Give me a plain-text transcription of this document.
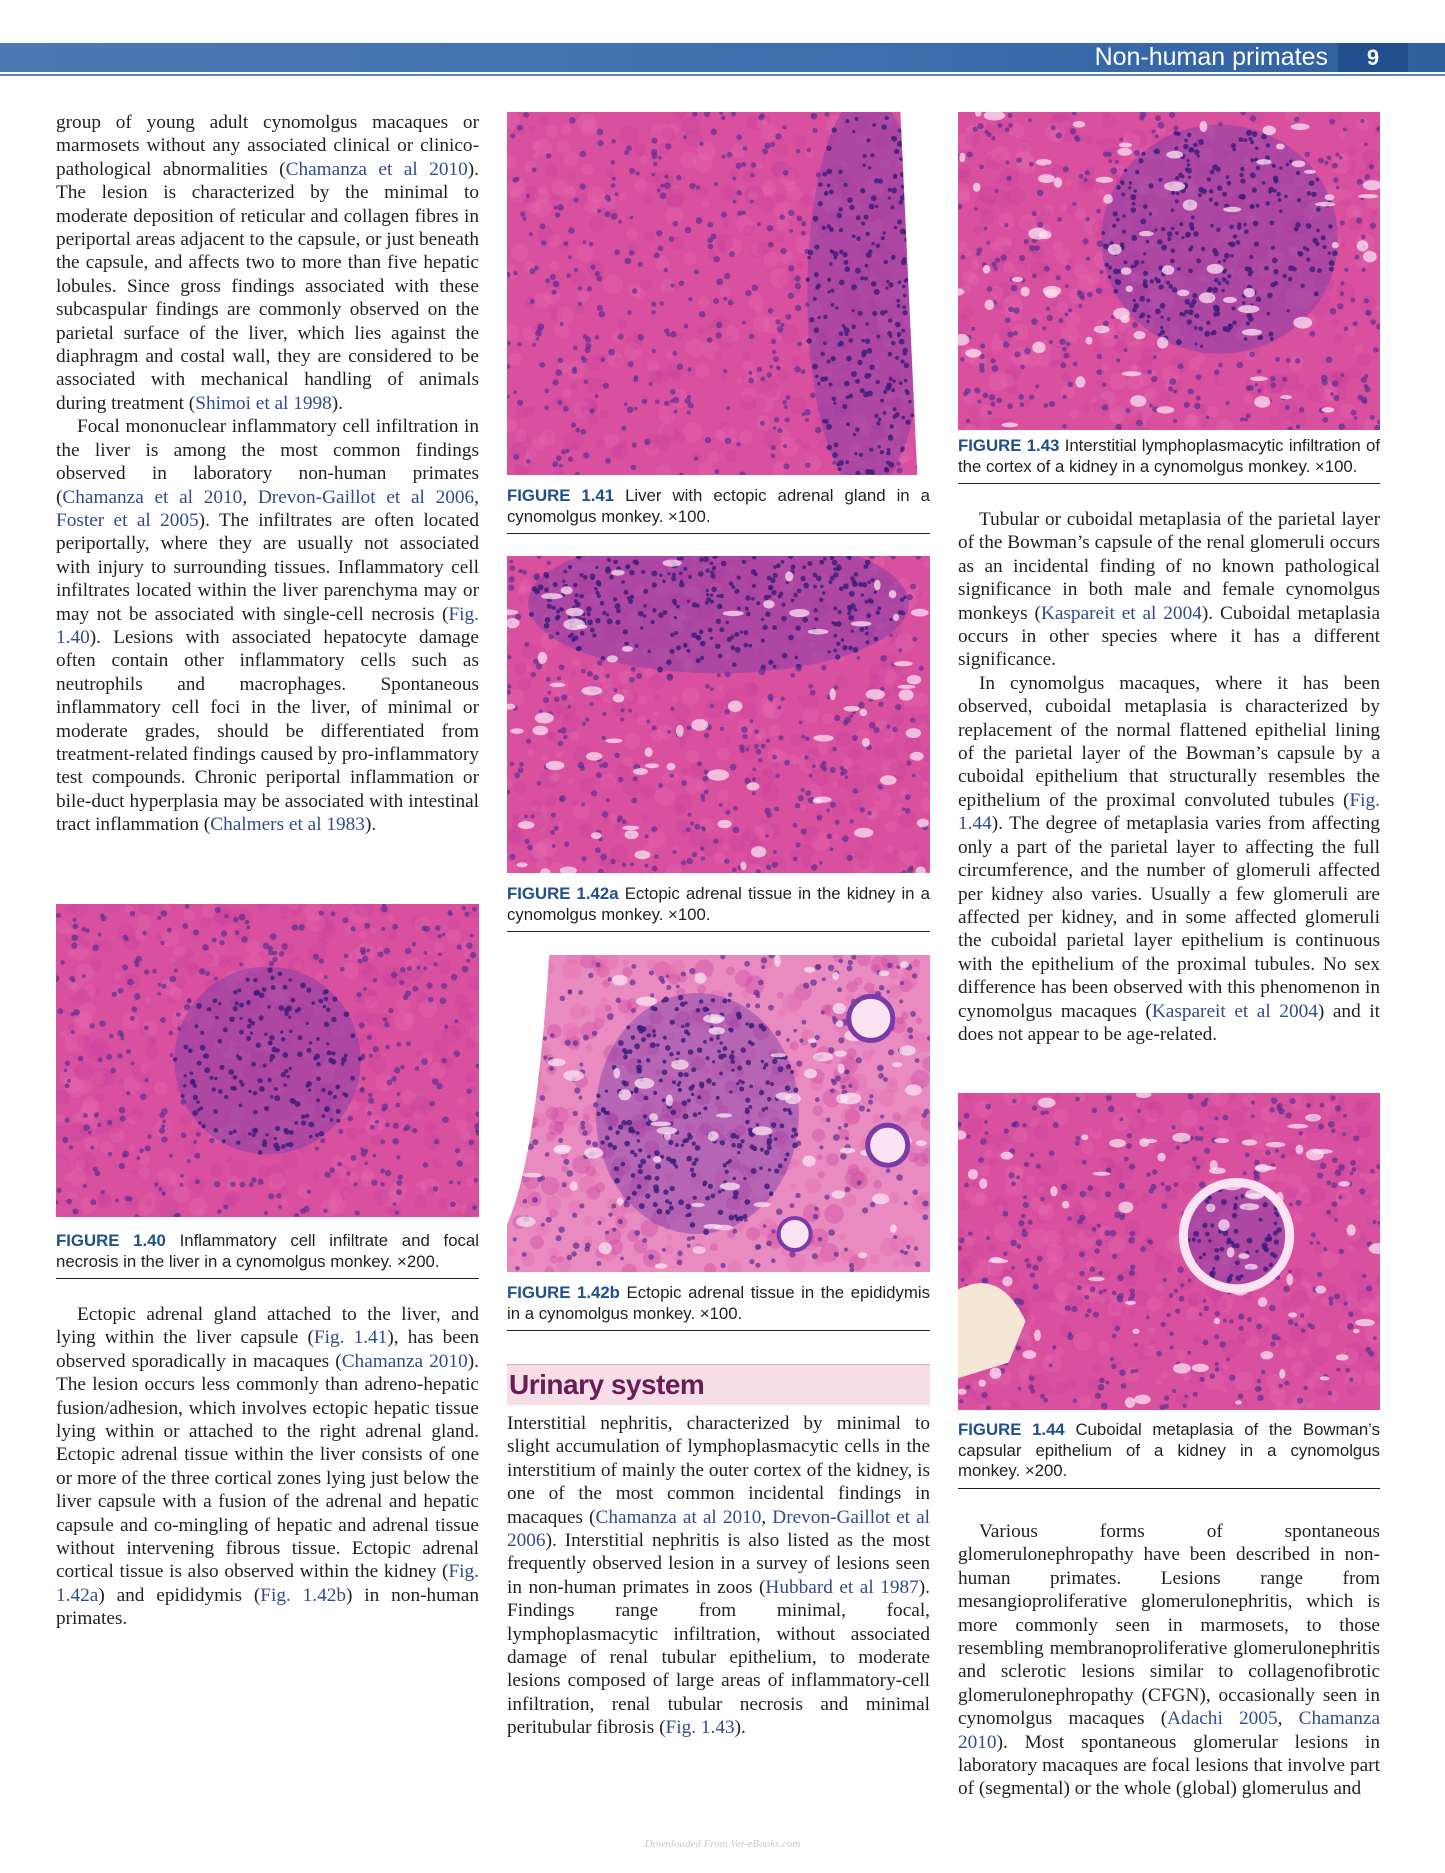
Non-human primates	9

group of young adult cynomolgus macaques or marmosets without any associated clinical or clinico-pathological abnormalities (Chamanza et al 2010). The lesion is characterized by the minimal to moderate deposition of reticular and collagen fibres in periportal areas adjacent to the capsule, or just beneath the capsule, and affects two to more than five hepatic lobules. Since gross findings associated with these subcaspular findings are commonly observed on the parietal surface of the liver, which lies against the diaphragm and costal wall, they are considered to be associated with mechanical handling of animals during treatment (Shimoi et al 1998).

Focal mononuclear inflammatory cell infiltration in the liver is among the most common findings observed in laboratory non-human primates (Chamanza et al 2010, Drevon-Gaillot et al 2006, Foster et al 2005). The infiltrates are often located periportally, where they are usually not associated with injury to surrounding tissues. Inflammatory cell infiltrates located within the liver parenchyma may or may not be associated with single-cell necrosis (Fig. 1.40). Lesions with associated hepatocyte damage often contain other inflammatory cells such as neutrophils and macrophages. Spontaneous inflammatory cell foci in the liver, of minimal or moderate grades, should be differentiated from treatment-related findings caused by pro-inflammatory test compounds. Chronic periportal inflammation or bile-duct hyperplasia may be associated with intestinal tract inflammation (Chalmers et al 1983).

FIGURE 1.40 Inflammatory cell infiltrate and focal necrosis in the liver in a cynomolgus monkey. ×200.

Ectopic adrenal gland attached to the liver, and lying within the liver capsule (Fig. 1.41), has been observed sporadically in macaques (Chamanza 2010). The lesion occurs less commonly than adreno-hepatic fusion/adhesion, which involves ectopic hepatic tissue lying within or attached to the right adrenal gland. Ectopic adrenal tissue within the liver consists of one or more of the three cortical zones lying just below the liver capsule with a fusion of the adrenal and hepatic capsule and co-mingling of hepatic and adrenal tissue without intervening fibrous tissue. Ectopic adrenal cortical tissue is also observed within the kidney (Fig. 1.42a) and epididymis (Fig. 1.42b) in non-human primates.

FIGURE 1.41 Liver with ectopic adrenal gland in a cynomolgus monkey. ×100.

FIGURE 1.42a Ectopic adrenal tissue in the kidney in a cynomolgus monkey. ×100.

FIGURE 1.42b Ectopic adrenal tissue in the epididymis in a cynomolgus monkey. ×100.

Urinary system

Interstitial nephritis, characterized by minimal to slight accumulation of lymphoplasmacytic cells in the interstitium of mainly the outer cortex of the kidney, is one of the most common incidental findings in macaques (Chamanza at al 2010, Drevon-Gaillot et al 2006). Interstitial nephritis is also listed as the most frequently observed lesion in a survey of lesions seen in non-human primates in zoos (Hubbard et al 1987). Findings range from minimal, focal, lymphoplasmacytic infiltration, without associated damage of renal tubular epithelium, to moderate lesions composed of large areas of inflammatory-cell infiltration, renal tubular necrosis and minimal peritubular fibrosis (Fig. 1.43).

FIGURE 1.43 Interstitial lymphoplasmacytic infiltration of the cortex of a kidney in a cynomolgus monkey. ×100.

Tubular or cuboidal metaplasia of the parietal layer of the Bowman’s capsule of the renal glomeruli occurs as an incidental finding of no known pathological significance in both male and female cynomolgus monkeys (Kaspareit et al 2004). Cuboidal metaplasia occurs in other species where it has a different significance.

In cynomolgus macaques, where it has been observed, cuboidal metaplasia is characterized by replacement of the normal flattened epithelial lining of the parietal layer of the Bowman’s capsule by a cuboidal epithelium that structurally resembles the epithelium of the proximal convoluted tubules (Fig. 1.44). The degree of metaplasia varies from affecting only a part of the parietal layer to affecting the full circumference, and the number of glomeruli affected per kidney also varies. Usually a few glomeruli are affected per kidney, and in some affected glomeruli the cuboidal parietal layer epithelium is continuous with the epithelium of the proximal tubules. No sex difference has been observed with this phenomenon in cynomolgus macaques (Kaspareit et al 2004) and it does not appear to be age-related.

FIGURE 1.44 Cuboidal metaplasia of the Bowman’s capsular epithelium of a kidney in a cynomolgus monkey. ×200.

Various forms of spontaneous glomerulonephropathy have been described in non-human primates. Lesions range from mesangioproliferative glomerulonephritis, which is more commonly seen in marmosets, to those resembling membranoproliferative glomerulonephritis and sclerotic lesions similar to collagenofibrotic glomerulonephropathy (CFGN), occasionally seen in cynomolgus macaques (Adachi 2005, Chamanza 2010). Most spontaneous glomerular lesions in laboratory macaques are focal lesions that involve part of (segmental) or the whole (global) glomerulus and

Downloaded From Vet-eBooks.com
